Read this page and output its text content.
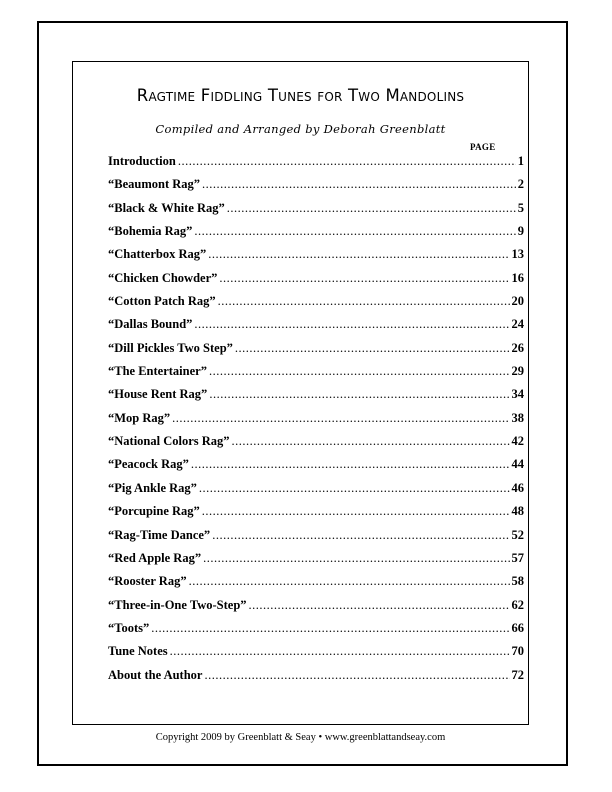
Ragtime Fiddling Tunes for Two Mandolins
Compiled and Arranged by Deborah Greenblatt
PAGE
Introduction .....	1
“Beaumont Rag” .....	2
“Black & White Rag” .....	5
“Bohemia Rag” .....	9
“Chatterbox Rag” .....	13
“Chicken Chowder” .....	16
“Cotton Patch Rag” .....	20
“Dallas Bound” .....	24
“Dill Pickles Two Step” .....	26
“The Entertainer” .....	29
“House Rent Rag” .....	34
“Mop Rag” .....	38
“National Colors Rag” .....	42
“Peacock Rag” .....	44
“Pig Ankle Rag” .....	46
“Porcupine Rag” .....	48
“Rag-Time Dance” .....	52
“Red Apple Rag” .....	57
“Rooster Rag” .....	58
“Three-in-One Two-Step” .....	62
“Toots” .....	66
Tune Notes .....	70
About the Author .....	72
Copyright 2009 by Greenblatt & Seay • www.greenblattandseay.com
